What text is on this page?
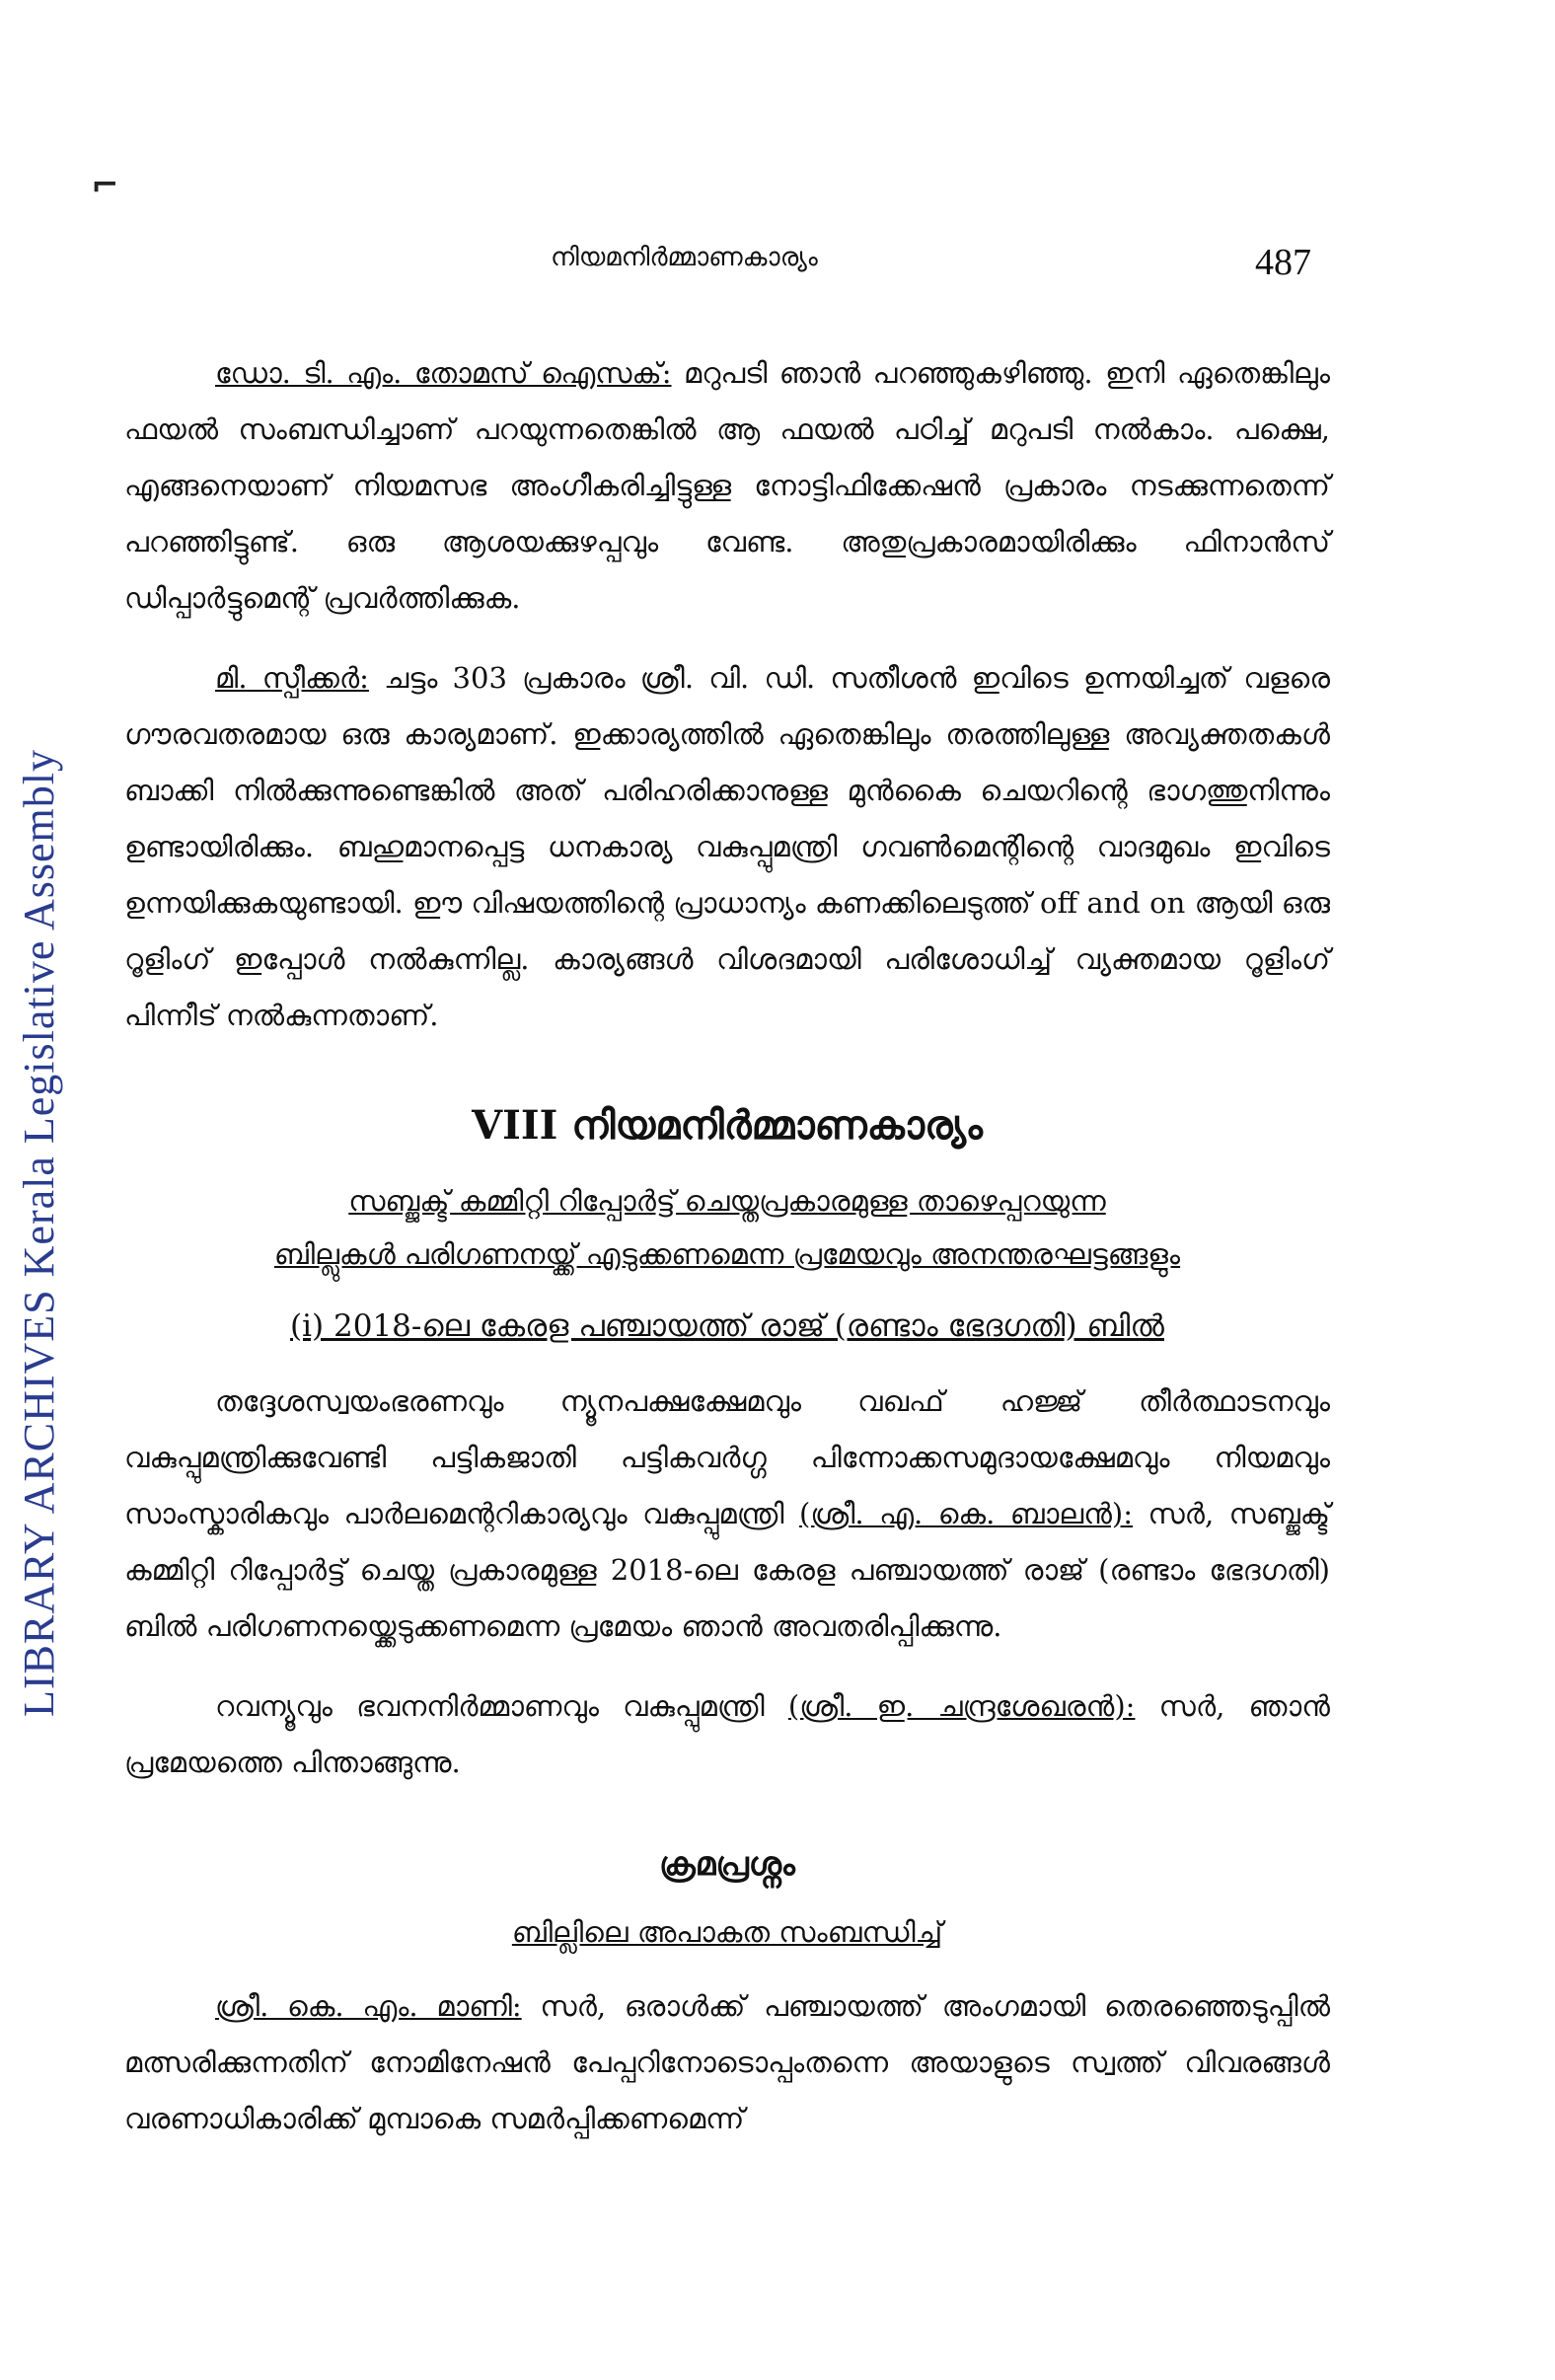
LIBRARY ARCHIVES Kerala Legislative Assembly
⌐
നിയമനിർമ്മാണകാര്യം	487

ഡോ. ടി. എം. തോമസ് ഐസക്: മറുപടി ഞാൻ പറഞ്ഞുകഴിഞ്ഞു. ഇനി ഏതെങ്കിലും ഫയൽ സംബന്ധിച്ചാണ് പറയുന്നതെങ്കിൽ ആ ഫയൽ പഠിച്ച് മറുപടി നൽകാം. പക്ഷെ, എങ്ങനെയാണ് നിയമസഭ അംഗീകരിച്ചിട്ടുള്ള നോട്ടിഫിക്കേഷൻ പ്രകാരം നടക്കുന്നതെന്ന് പറഞ്ഞിട്ടുണ്ട്. ഒരു ആശയക്കുഴപ്പവും വേണ്ട. അതുപ്രകാരമായിരിക്കും ഫിനാൻസ് ഡിപ്പാർട്ടുമെന്റ് പ്രവർത്തിക്കുക.

മി. സ്പീക്കർ: ചട്ടം 303 പ്രകാരം ശ്രീ. വി. ഡി. സതീശൻ ഇവിടെ ഉന്നയിച്ചത് വളരെ ഗൗരവതരമായ ഒരു കാര്യമാണ്. ഇക്കാര്യത്തിൽ ഏതെങ്കിലും തരത്തിലുള്ള അവ്യക്തതകൾ ബാക്കി നിൽക്കുന്നുണ്ടെങ്കിൽ അത് പരിഹരിക്കാനുള്ള മുൻകൈ ചെയറിന്റെ ഭാഗത്തുനിന്നും ഉണ്ടായിരിക്കും. ബഹുമാനപ്പെട്ട ധനകാര്യ വകുപ്പുമന്ത്രി ഗവൺമെന്റിന്റെ വാദമുഖം ഇവിടെ ഉന്നയിക്കുകയുണ്ടായി. ഈ വിഷയത്തിന്റെ പ്രാധാന്യം കണക്കിലെടുത്ത് off and on ആയി ഒരു റൂളിംഗ് ഇപ്പോൾ നൽകുന്നില്ല. കാര്യങ്ങൾ വിശദമായി പരിശോധിച്ച് വ്യക്തമായ റൂളിംഗ് പിന്നീട് നൽകുന്നതാണ്.

VIII നിയമനിർമ്മാണകാര്യം

സബ്ജക്ട് കമ്മിറ്റി റിപ്പോർട്ട് ചെയ്തപ്രകാരമുള്ള താഴെപ്പറയുന്ന

ബില്ലുകൾ പരിഗണനയ്ക്ക് എടുക്കണമെന്ന പ്രമേയവും അനന്തരഘട്ടങ്ങളും

(i) 2018-ലെ കേരള പഞ്ചായത്ത് രാജ് (രണ്ടാം ഭേദഗതി) ബിൽ

തദ്ദേശസ്വയംഭരണവും ന്യൂനപക്ഷക്ഷേമവും വഖഫ് ഹജ്ജ് തീർത്ഥാടനവും വകുപ്പുമന്ത്രിക്കുവേണ്ടി പട്ടികജാതി പട്ടികവർഗ്ഗ പിന്നോക്കസമുദായക്ഷേമവും നിയമവും സാംസ്കാരികവും പാർലമെന്ററികാര്യവും വകുപ്പുമന്ത്രി (ശ്രീ. എ. കെ. ബാലൻ): സർ, സബ്ജക്ട് കമ്മിറ്റി റിപ്പോർട്ട് ചെയ്ത പ്രകാരമുള്ള 2018-ലെ കേരള പഞ്ചായത്ത് രാജ് (രണ്ടാം ഭേദഗതി) ബിൽ പരിഗണനയ്ക്കെടുക്കണമെന്ന പ്രമേയം ഞാൻ അവതരിപ്പിക്കുന്നു.

റവന്യൂവും ഭവനനിർമ്മാണവും വകുപ്പുമന്ത്രി (ശ്രീ. ഇ. ചന്ദ്രശേഖരൻ): സർ, ഞാൻ പ്രമേയത്തെ പിന്താങ്ങുന്നു.

ക്രമപ്രശ്നം

ബില്ലിലെ അപാകത സംബന്ധിച്ച്

ശ്രീ. കെ. എം. മാണി: സർ, ഒരാൾക്ക് പഞ്ചായത്ത് അംഗമായി തെരഞ്ഞെടുപ്പിൽ മത്സരിക്കുന്നതിന് നോമിനേഷൻ പേപ്പറിനോടൊപ്പംതന്നെ അയാളുടെ സ്വത്ത് വിവരങ്ങൾ വരണാധികാരിക്ക് മുമ്പാകെ സമർപ്പിക്കണമെന്ന്
